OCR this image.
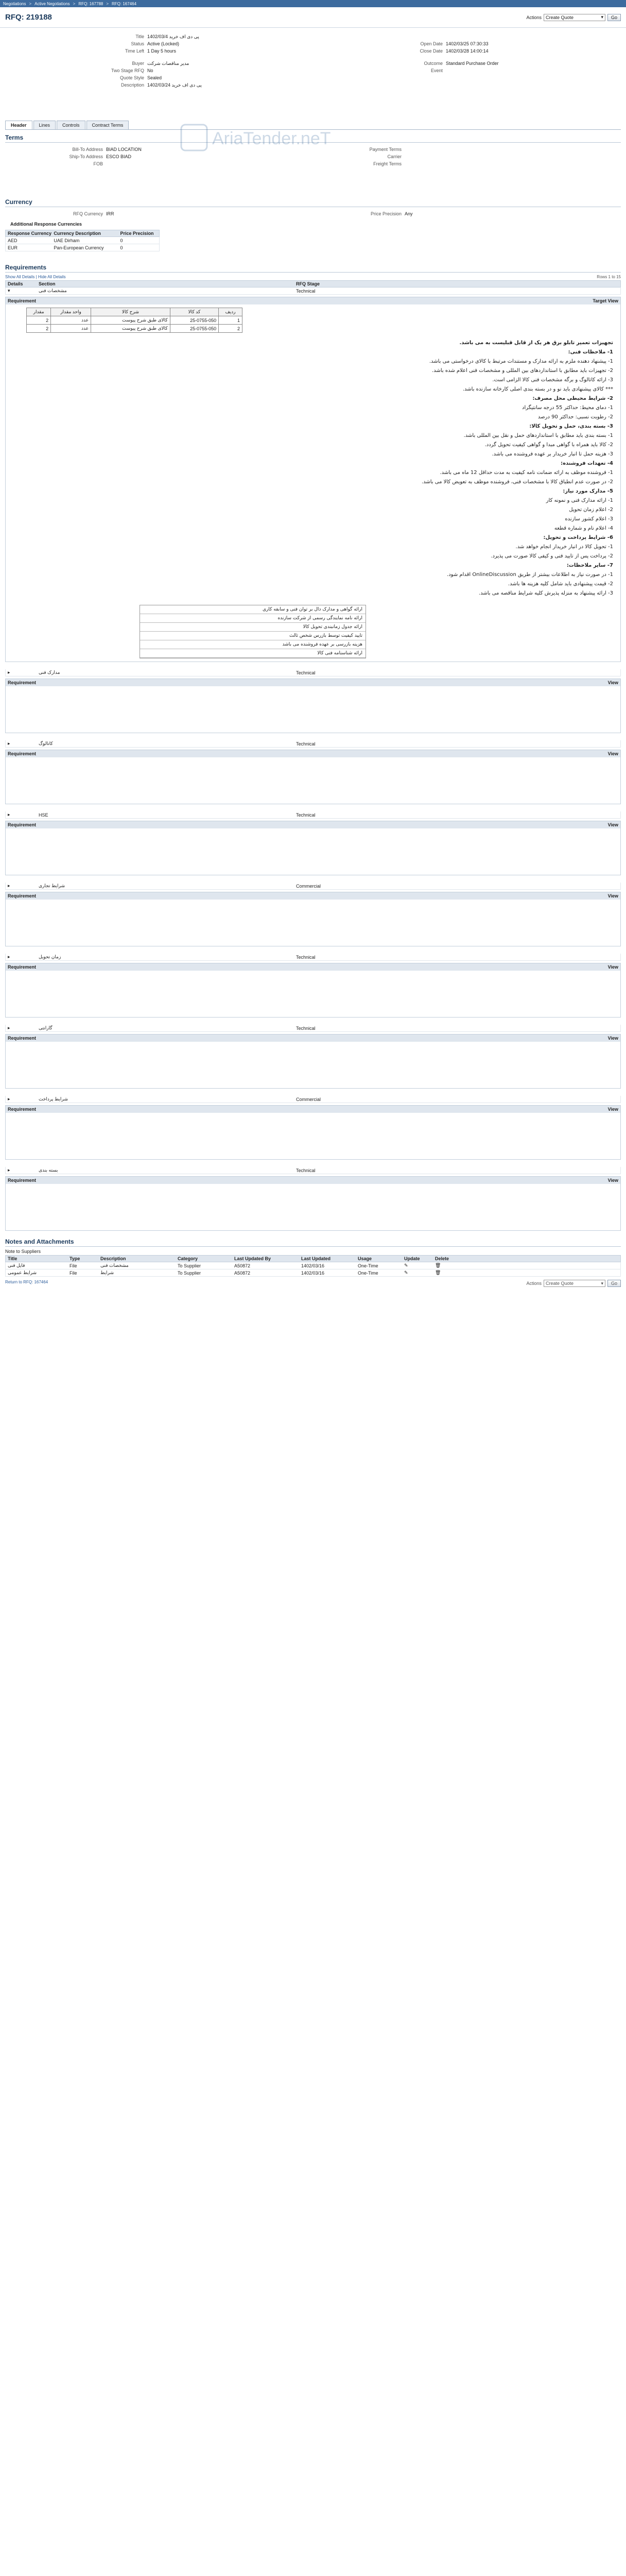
Negotiations > Active Negotiations > RFQ: 167788 > RFQ: 167464
RFQ: 219188	Actions Create Quote	▾	Go
Title 1402/03/4 پی دی اف خرید
Status Active (Locked)
Time Left 1 Day 5 hours
Open Date 1402/03/25 07:30:33
Close Date 1402/03/28 14:00:14
Buyer مدیر مناقصات شرکت
Two Stage RFQ No
Quote Style Sealed
Description 1402/03/24 پی دی اف خرید
Outcome Standard Purchase Order
Event
Header	Lines	Controls	Contract Terms
Terms
Bill-To Address BIAD LOCATION
Ship-To Address ESCO BIAD
FOB
Payment Terms
Carrier
Freight Terms
AriaTender.neT
Currency
RFQ Currency IRR	Price Precision Any
Additional Response Currencies
Response Currency Currency Description	Price Precision
AED	UAE Dirham	0
EUR	Pan-European Currency	0
Requirements
Show All Details | Hide All Details	Rows 1 to 15
Details	Section	RFQ Stage
▾	مشخصات فنی	Technical
Requirement	Target View
ردیف	کد کالا	شرح کالا	واحد مقدار	مقدار
1	25-0755-050	کالای طبق شرح پیوست	عدد	2
2	25-0755-050	کالای طبق شرح پیوست	عدد	2

تجهیزات تعمیر تابلو برق هر یک از قابل قبلیست به می باشد.

1- ملاحظات فنی:

1- پیشنهاد دهنده ملزم به ارائه مدارک و مستندات مرتبط با کالای درخواستی می باشد.

2- تجهیزات باید مطابق با استانداردهای بین المللی و مشخصات فنی اعلام شده باشد.

3- ارائه کاتالوگ و برگه مشخصات فنی کالا الزامی است.

*** کالای پیشنهادی باید نو و در بسته بندی اصلی کارخانه سازنده باشد.

2- شرایط محیطی محل مصرف:

1- دمای محیط: حداکثر 55 درجه سانتیگراد

2- رطوبت نسبی: حداکثر 90 درصد

3- بسته بندی، حمل و تحویل کالا:

1- بسته بندی باید مطابق با استانداردهای حمل و نقل بین المللی باشد.

2- کالا باید همراه با گواهی مبدا و گواهی کیفیت تحویل گردد.

3- هزینه حمل تا انبار خریدار بر عهده فروشنده می باشد.

4- تعهدات فروشنده:

1- فروشنده موظف به ارائه ضمانت نامه کیفیت به مدت حداقل 12 ماه می باشد.

2- در صورت عدم انطباق کالا با مشخصات فنی، فروشنده موظف به تعویض کالا می باشد.

5- مدارک مورد نیاز:

1- ارائه مدارک فنی و نمونه کار

2- اعلام زمان تحویل

3- اعلام کشور سازنده

4- اعلام نام و شماره قطعه

6- شرایط پرداخت و تحویل:

1- تحویل کالا در انبار خریدار انجام خواهد شد.

2- پرداخت پس از تایید فنی و کیفی کالا صورت می پذیرد.

7- ساير ملاحظات:

1- در صورت نیاز به اطلاعات بیشتر از طریق OnlineDiscussion اقدام شود.

2- قیمت پیشنهادی باید شامل کلیه هزینه ها باشد.

3- ارائه پیشنهاد به منزله پذیرش کلیه شرایط مناقصه می باشد.

ارائه گواهی و مدارک دال بر توان فنی و سابقه کاری
ارائه نامه نمایندگی رسمی از شرکت سازنده
ارائه جدول زمانبندی تحویل کالا
تایید کیفیت توسط بازرس شخص ثالث
هزینه بازرسی بر عهده فروشنده می باشد
ارائه شناسنامه فنی کالا
▸	مدارک فنی	Technical
Requirement	View
▸	کاتالوگ	Technical
Requirement	View
▸	HSE	Technical
Requirement	View
▸	شرایط تجاری	Commercial
Requirement	View
▸	زمان تحویل	Technical
Requirement	View
▸	گارانتی	Technical
Requirement	View
▸	شرایط پرداخت	Commercial
Requirement	View
▸	بسته بندی	Technical
Requirement	View
Notes and Attachments
Note to Suppliers
Title	Type	Description	Category	Last Updated By	Last Updated	Usage	Update	Delete
فایل فنی	File	مشخصات فنی	To Supplier	A50872	1402/03/16	One-Time	✎	🗑
شرایط عمومی	File	شرایط	To Supplier	A50872	1402/03/16	One-Time	✎	🗑
Return to RFQ: 167464	Actions Create Quote	▾	Go
